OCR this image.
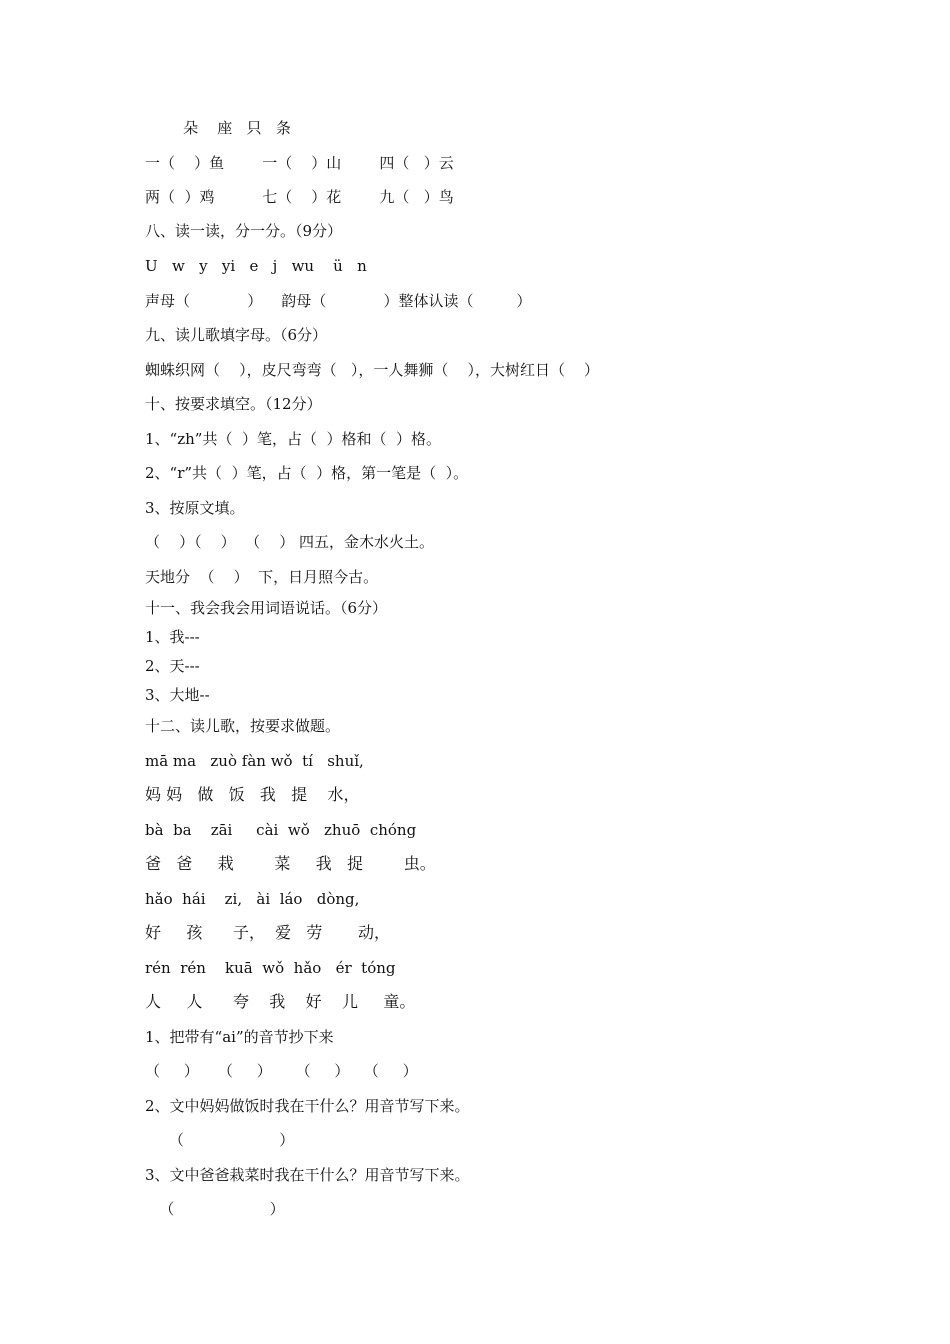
朵    座   只   条
一（    ）鱼        一（    ）山        四（   ）云
两（  ）鸡          七（    ）花        九（   ）鸟
八、读一读，分一分。（9分）
U   w   y   yi   e   j   wu    ü   n
声母（            ）    韵母（            ）整体认读（         ）
九、读儿歌填字母。（6分）
蜘蛛织网（    ），皮尺弯弯（   ），一人舞狮（    ），大树红日（    ）
十、按要求填空。（12分）
1、“zh”共（  ）笔，占（  ）格和（  ）格。
2、“r”共（  ）笔，占（  ）格，第一笔是（  ）。
3、按原文填。
（    ）（    ）  （    ） 四五，金木水火土。
天地分  （    ）  下，日月照今古。
十一、我会我会用词语说话。（6分）
1、我---
2、天---
3、大地--
十二、读儿歌，按要求做题。
mā ma   zuò fàn wǒ  tí   shuǐ,
妈 妈   做   饭   我   提    水，
bà  ba    zāi     cài  wǒ   zhuō  chóng
爸   爸     栽        菜     我   捉        虫。
hǎo  hái    zi,   ài  láo   dòng,
好     孩      子，  爱   劳       动，
rén  rén    kuā  wǒ  hǎo   ér  tóng
人     人      夸    我    好    儿     童。
1、把带有“ai”的音节抄下来
（     ）    （     ）     （     ）   （     ）
2、文中妈妈做饭时我在干什么？用音节写下来。
（                    ）
3、文中爸爸栽菜时我在干什么？用音节写下来。
（                    ）
